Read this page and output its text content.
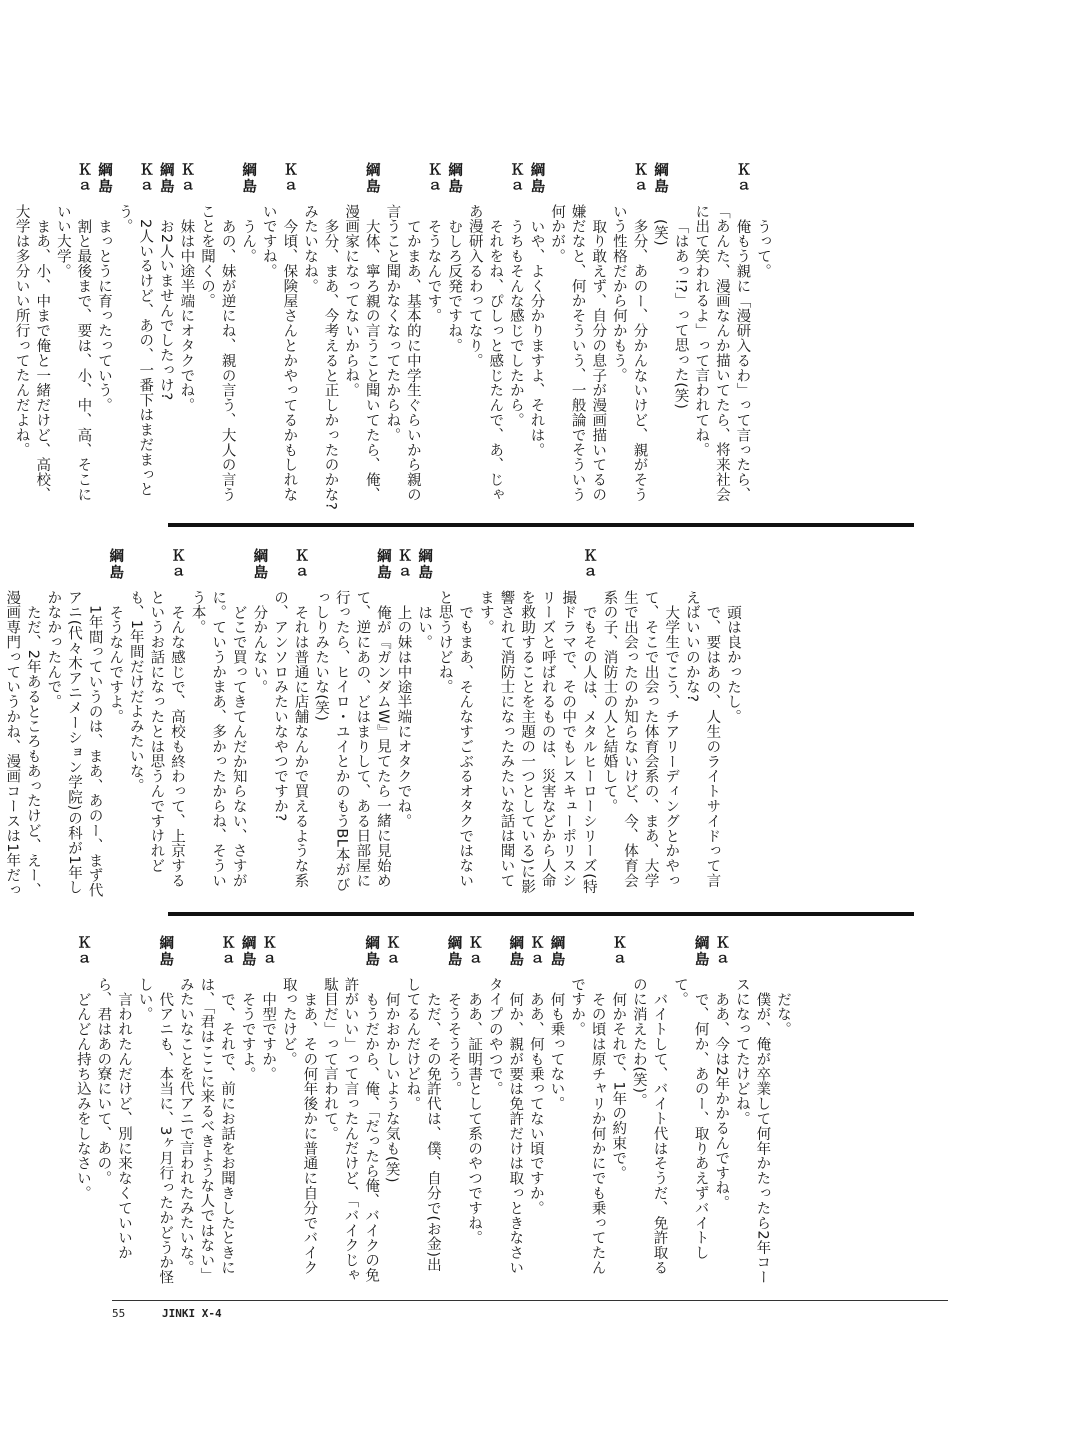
うって。
Ｋａ
俺もう親に「漫研入るわ」って言ったら、「あんた、漫画なんか描いてたら、将来社会に出て笑われるよ」って言われてね。
「はあっ!?」って思った(笑)
綱島
(笑)
Ｋａ
多分、あのー、分かんないけど、親がそういう性格だから何かもう。
取り敢えず、自分の息子が漫画描いてるの嫌だなと、何かそういう、一般論でそういう何かが。
綱島
いや、よく分かりますよ、それは。
Ｋａ
うちもそんな感じでしたから。
それをね、ぴしっと感じたんで、あ、じゃあ漫研入るわってなり。
綱島
むしろ反発ですね。
Ｋａ
そうなんです。
てかまあ、基本的に中学生ぐらいから親の言うこと聞かなくなってたからね。
綱島
大体、寧ろ親の言うこと聞いてたら、俺、漫画家になってないからね。
多分、まあ、今考えると正しかったのかな?みたいなね。
Ｋａ
今頃、保険屋さんとかやってるかもしれないですね。
綱島
うん。
あの、妹が逆にね、親の言う、大人の言うことを聞くの。
Ｋａ
妹は中途半端にオタクでね。
綱島
お2人いませんでしたっけ?
Ｋａ
2人いるけど、あの、一番下はまだまっとう。
綱島
まっとうに育ったっていう。
Ｋａ
割と最後まで、要は、小、中、高、そこにいい大学。
まあ、小、中まで俺と一緒だけど、高校、大学は多分いい所行ってたんだよね。
頭は良かったし。
で、要はあの、人生のライトサイドって言えばいいのかな?
大学生でこう、チアリーディングとかやって、そこで出会った体育会系の、まあ、大学生で出会ったのか知らないけど、今、体育会系の子、消防士の人と結婚して。
Ｋａ
でもその人は、メタルヒーローシリーズ(特撮ドラマで、その中でもレスキューポリスシリーズと呼ばれるものは、災害などから人命を救助することを主題の一つとしている)に影響されて消防士になったみたいな話は聞いてます。
でもまあ、そんなすごぶるオタクではないと思うけどね。
綱島
はい。
Ｋａ
上の妹は中途半端にオタクでね。
綱島
俺が『ガンダムW』見てたら一緒に見始めて、逆にあの、どはまりして、ある日部屋に行ったら、ヒイロ・ユイとかのもうBL本がびっしりみたいな(笑)
Ｋａ
それは普通に店舗なんかで買えるような系の、アンソロみたいなやつですか?
綱島
分かんない。
どこで買ってきてんだか知らない、さすがに。ていうかまあ、多かったからね、そういう本。
Ｋａ
そんな感じで、高校も終わって、上京するというお話になったとは思うんですけれども、1年間だけだよみたいな。
綱島
そうなんですよ。
1年間っていうのは、まあ、あのー、まず代アニ(代々木アニメーション学院)の科が1年しかなかったんで。
ただ、2年あるところもあったけど、えー、漫画専門っていうかね、漫画コースは1年だっ
だな。
僕が、俺が卒業して何年かたったら2年コースになってたけどね。
Ｋａ
ああ、今は2年かかるんですね。
綱島
で、何か、あのー、取りあえずバイトして。
バイトして、バイト代はそうだ、免許取るのに消えたわ(笑)。
Ｋａ
何かそれで、1年の約束で。
その頃は原チャリか何かにでも乗ってたんですか。
綱島
何も乗ってない。
Ｋａ
ああ、何も乗ってない頃ですか。
綱島
何か、親が要は免許だけは取っときなさいタイプのやつで。
Ｋａ
ああ、証明書として系のやつですね。
綱島
そうそうそう。
ただ、その免許代は、僕、自分で(お金)出してるんだけどね。
Ｋａ
何かおかしいような気も(笑)
綱島
もうだから、俺、「だったら俺、バイクの免許がいい」って言ったんだけど、「バイクじゃ駄目だ」って言われて。
まあ、その何年後かに普通に自分でバイク取ったけど。
Ｋａ
中型ですか。
綱島
そうですよ。
Ｋａ
で、それで、前にお話をお聞きしたときには、「君はここに来るべきような人ではない」みたいなことを代アニで言われたみたいな。
綱島
代アニも、本当に、3ヶ月行ったかどうか怪しい。
言われたんだけど、別に来なくていいから、君はあの寮にいて、あの。
Ｋａ
どんどん持ち込みをしなさい。
55	JINKI X-4
